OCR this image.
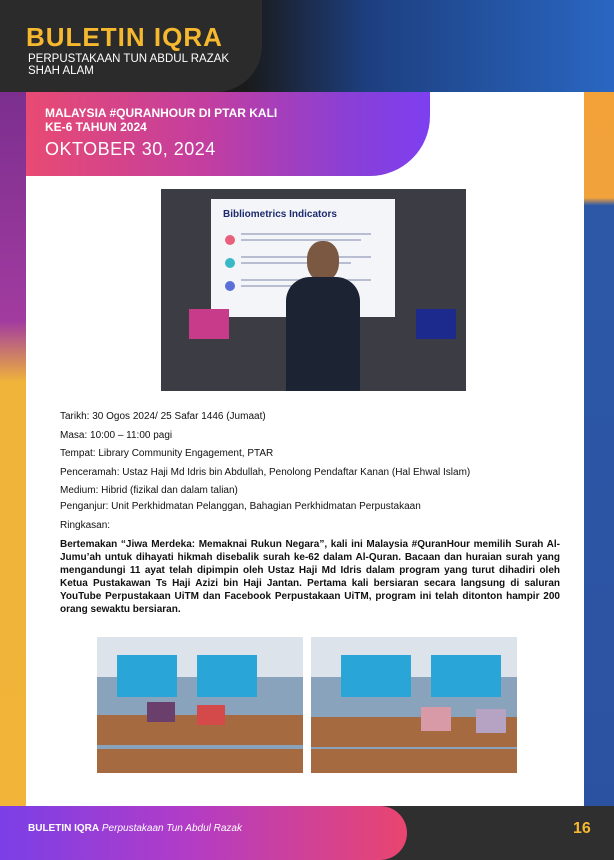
BULETIN IQRA
PERPUSTAKAAN TUN ABDUL RAZAK
SHAH ALAM
MALAYSIA #QURANHOUR DI PTAR KALI
KE-6 TAHUN 2024
OKTOBER 30, 2024
Bibliometrics Indicators
Tarikh: 30 Ogos 2024/ 25 Safar 1446 (Jumaat)
Masa: 10:00 – 11:00 pagi
Tempat: Library Community Engagement, PTAR
Penceramah: Ustaz Haji Md Idris bin Abdullah, Penolong Pendaftar Kanan (Hal Ehwal Islam)
Medium: Hibrid (fizikal dan dalam talian)
Penganjur: Unit Perkhidmatan Pelanggan, Bahagian Perkhidmatan Perpustakaan
Ringkasan:
Bertemakan “Jiwa Merdeka: Memaknai Rukun Negara”, kali ini Malaysia #QuranHour memilih Surah Al-Jumu’ah untuk dihayati hikmah disebalik surah ke-62 dalam Al-Quran. Bacaan dan huraian surah yang mengandungi 11 ayat telah dipimpin oleh Ustaz Haji Md Idris dalam program yang turut dihadiri oleh Ketua Pustakawan Ts Haji Azizi bin Haji Jantan. Pertama kali bersiaran secara langsung di saluran YouTube Perpustakaan UiTM dan Facebook Perpustakaan UiTM, program ini telah ditonton hampir 200 orang sewaktu bersiaran.
BULETIN IQRA Perpustakaan Tun Abdul Razak	16
